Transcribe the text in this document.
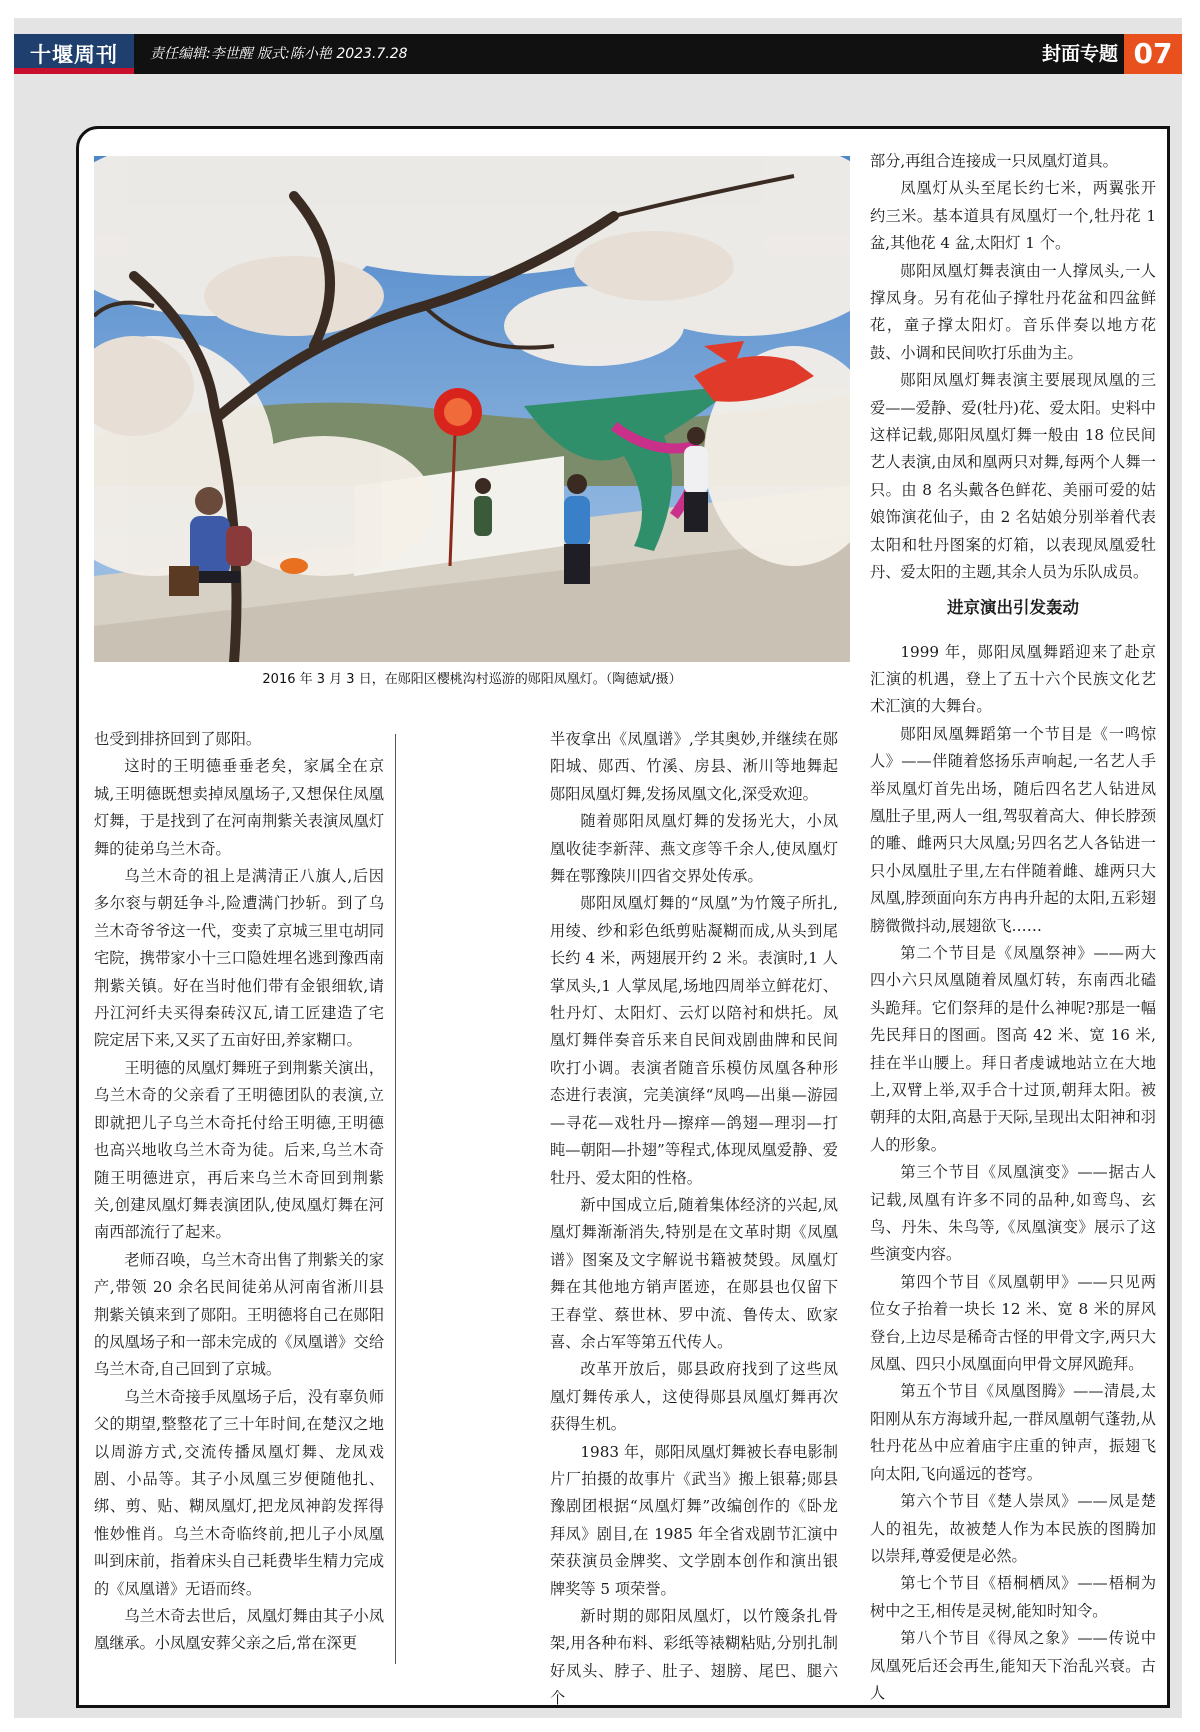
十堰周刊	责任编辑:李世醒 版式:陈小艳 2023.7.28	封面专题 07
2016 年 3 月 3 日，在郧阳区樱桃沟村巡游的郧阳凤凰灯。（陶德斌/摄）

也受到排挤回到了郧阳。

这时的王明德垂垂老矣，家属全在京城,王明德既想卖掉凤凰场子,又想保住凤凰灯舞，于是找到了在河南荆紫关表演凤凰灯舞的徒弟乌兰木奇。

乌兰木奇的祖上是满清正八旗人,后因多尔衮与朝廷争斗,险遭满门抄斩。到了乌兰木奇爷爷这一代，变卖了京城三里屯胡同宅院，携带家小十三口隐姓埋名逃到豫西南荆紫关镇。好在当时他们带有金银细软,请丹江河纤夫买得秦砖汉瓦,请工匠建造了宅院定居下来,又买了五亩好田,养家糊口。

王明德的凤凰灯舞班子到荆紫关演出，乌兰木奇的父亲看了王明德团队的表演,立即就把儿子乌兰木奇托付给王明德,王明德也高兴地收乌兰木奇为徒。后来,乌兰木奇随王明德进京，再后来乌兰木奇回到荆紫关,创建凤凰灯舞表演团队,使凤凰灯舞在河南西部流行了起来。

老师召唤，乌兰木奇出售了荆紫关的家产,带领 20 余名民间徒弟从河南省淅川县荆紫关镇来到了郧阳。王明德将自己在郧阳的凤凰场子和一部未完成的《凤凰谱》交给乌兰木奇,自己回到了京城。

乌兰木奇接手凤凰场子后，没有辜负师父的期望,整整花了三十年时间,在楚汉之地以周游方式,交流传播凤凰灯舞、龙凤戏剧、小品等。其子小凤凰三岁便随他扎、绑、剪、贴、糊凤凰灯,把龙凤神韵发挥得惟妙惟肖。乌兰木奇临终前,把儿子小凤凰叫到床前，指着床头自己耗费毕生精力完成的《凤凰谱》无语而终。

乌兰木奇去世后，凤凰灯舞由其子小凤凰继承。小凤凰安葬父亲之后,常在深更

半夜拿出《凤凰谱》,学其奥妙,并继续在郧阳城、郧西、竹溪、房县、淅川等地舞起郧阳凤凰灯舞,发扬凤凰文化,深受欢迎。

随着郧阳凤凰灯舞的发扬光大，小凤凰收徒李新萍、燕文彦等千余人,使凤凰灯舞在鄂豫陕川四省交界处传承。

郧阳凤凰灯舞的“凤凰”为竹篾子所扎,用绫、纱和彩色纸剪贴凝糊而成,从头到尾长约 4 米，两翅展开约 2 米。表演时,1 人掌凤头,1 人掌凤尾,场地四周举立鲜花灯、牡丹灯、太阳灯、云灯以陪衬和烘托。凤凰灯舞伴奏音乐来自民间戏剧曲牌和民间吹打小调。表演者随音乐模仿凤凰各种形态进行表演，完美演绎“凤鸣—出巢—游园—寻花—戏牡丹—擦痒—鸽翅—理羽—打盹—朝阳—扑翅”等程式,体现凤凰爱静、爱牡丹、爱太阳的性格。

新中国成立后,随着集体经济的兴起,凤凰灯舞渐渐消失,特别是在文革时期《凤凰谱》图案及文字解说书籍被焚毁。凤凰灯舞在其他地方销声匿迹，在郧县也仅留下王春堂、蔡世林、罗中流、鲁传太、欧家喜、余占军等第五代传人。

改革开放后，郧县政府找到了这些凤凰灯舞传承人，这使得郧县凤凰灯舞再次获得生机。

1983 年，郧阳凤凰灯舞被长春电影制片厂拍摄的故事片《武当》搬上银幕;郧县豫剧团根据“凤凰灯舞”改编创作的《卧龙拜凤》剧目,在 1985 年全省戏剧节汇演中荣获演员金牌奖、文学剧本创作和演出银牌奖等 5 项荣誉。

新时期的郧阳凤凰灯，以竹篾条扎骨架,用各种布料、彩纸等裱糊粘贴,分别扎制好凤头、脖子、肚子、翅膀、尾巴、腿六个

部分,再组合连接成一只凤凰灯道具。

凤凰灯从头至尾长约七米，两翼张开约三米。基本道具有凤凰灯一个,牡丹花 1 盆,其他花 4 盆,太阳灯 1 个。

郧阳凤凰灯舞表演由一人撑凤头,一人撑凤身。另有花仙子撑牡丹花盆和四盆鲜花，童子撑太阳灯。音乐伴奏以地方花鼓、小调和民间吹打乐曲为主。

郧阳凤凰灯舞表演主要展现凤凰的三爱——爱静、爱(牡丹)花、爱太阳。史料中这样记载,郧阳凤凰灯舞一般由 18 位民间艺人表演,由凤和凰两只对舞,每两个人舞一只。由 8 名头戴各色鲜花、美丽可爱的姑娘饰演花仙子，由 2 名姑娘分别举着代表太阳和牡丹图案的灯箱，以表现凤凰爱牡丹、爱太阳的主题,其余人员为乐队成员。

进京演出引发轰动

1999 年，郧阳凤凰舞蹈迎来了赴京汇演的机遇，登上了五十六个民族文化艺术汇演的大舞台。

郧阳凤凰舞蹈第一个节目是《一鸣惊人》——伴随着悠扬乐声响起,一名艺人手举凤凰灯首先出场，随后四名艺人钻进凤凰肚子里,两人一组,驾驭着高大、伸长脖颈的雕、雌两只大凤凰;另四名艺人各钻进一只小凤凰肚子里,左右伴随着雌、雄两只大凤凰,脖颈面向东方冉冉升起的太阳,五彩翅膀微微抖动,展翅欲飞……

第二个节目是《凤凰祭神》——两大四小六只凤凰随着凤凰灯转，东南西北磕头跪拜。它们祭拜的是什么神呢?那是一幅先民拜日的图画。图高 42 米、宽 16 米,挂在半山腰上。拜日者虔诚地站立在大地上,双臂上举,双手合十过顶,朝拜太阳。被朝拜的太阳,高悬于天际,呈现出太阳神和羽人的形象。

第三个节目《凤凰演变》——据古人记载,凤凰有许多不同的品种,如鸾鸟、玄鸟、丹朱、朱鸟等,《凤凰演变》展示了这些演变内容。

第四个节目《凤凰朝甲》——只见两位女子抬着一块长 12 米、宽 8 米的屏风登台,上边尽是稀奇古怪的甲骨文字,两只大凤凰、四只小凤凰面向甲骨文屏风跪拜。

第五个节目《凤凰图腾》——清晨,太阳刚从东方海域升起,一群凤凰朝气蓬勃,从牡丹花丛中应着庙宇庄重的钟声，振翅飞向太阳,飞向遥远的苍穹。

第六个节目《楚人崇凤》——凤是楚人的祖先，故被楚人作为本民族的图腾加以崇拜,尊爱便是必然。

第七个节目《梧桐栖凤》——梧桐为树中之王,相传是灵树,能知时知令。

第八个节目《得凤之象》——传说中凤凰死后还会再生,能知天下治乱兴衰。古人
